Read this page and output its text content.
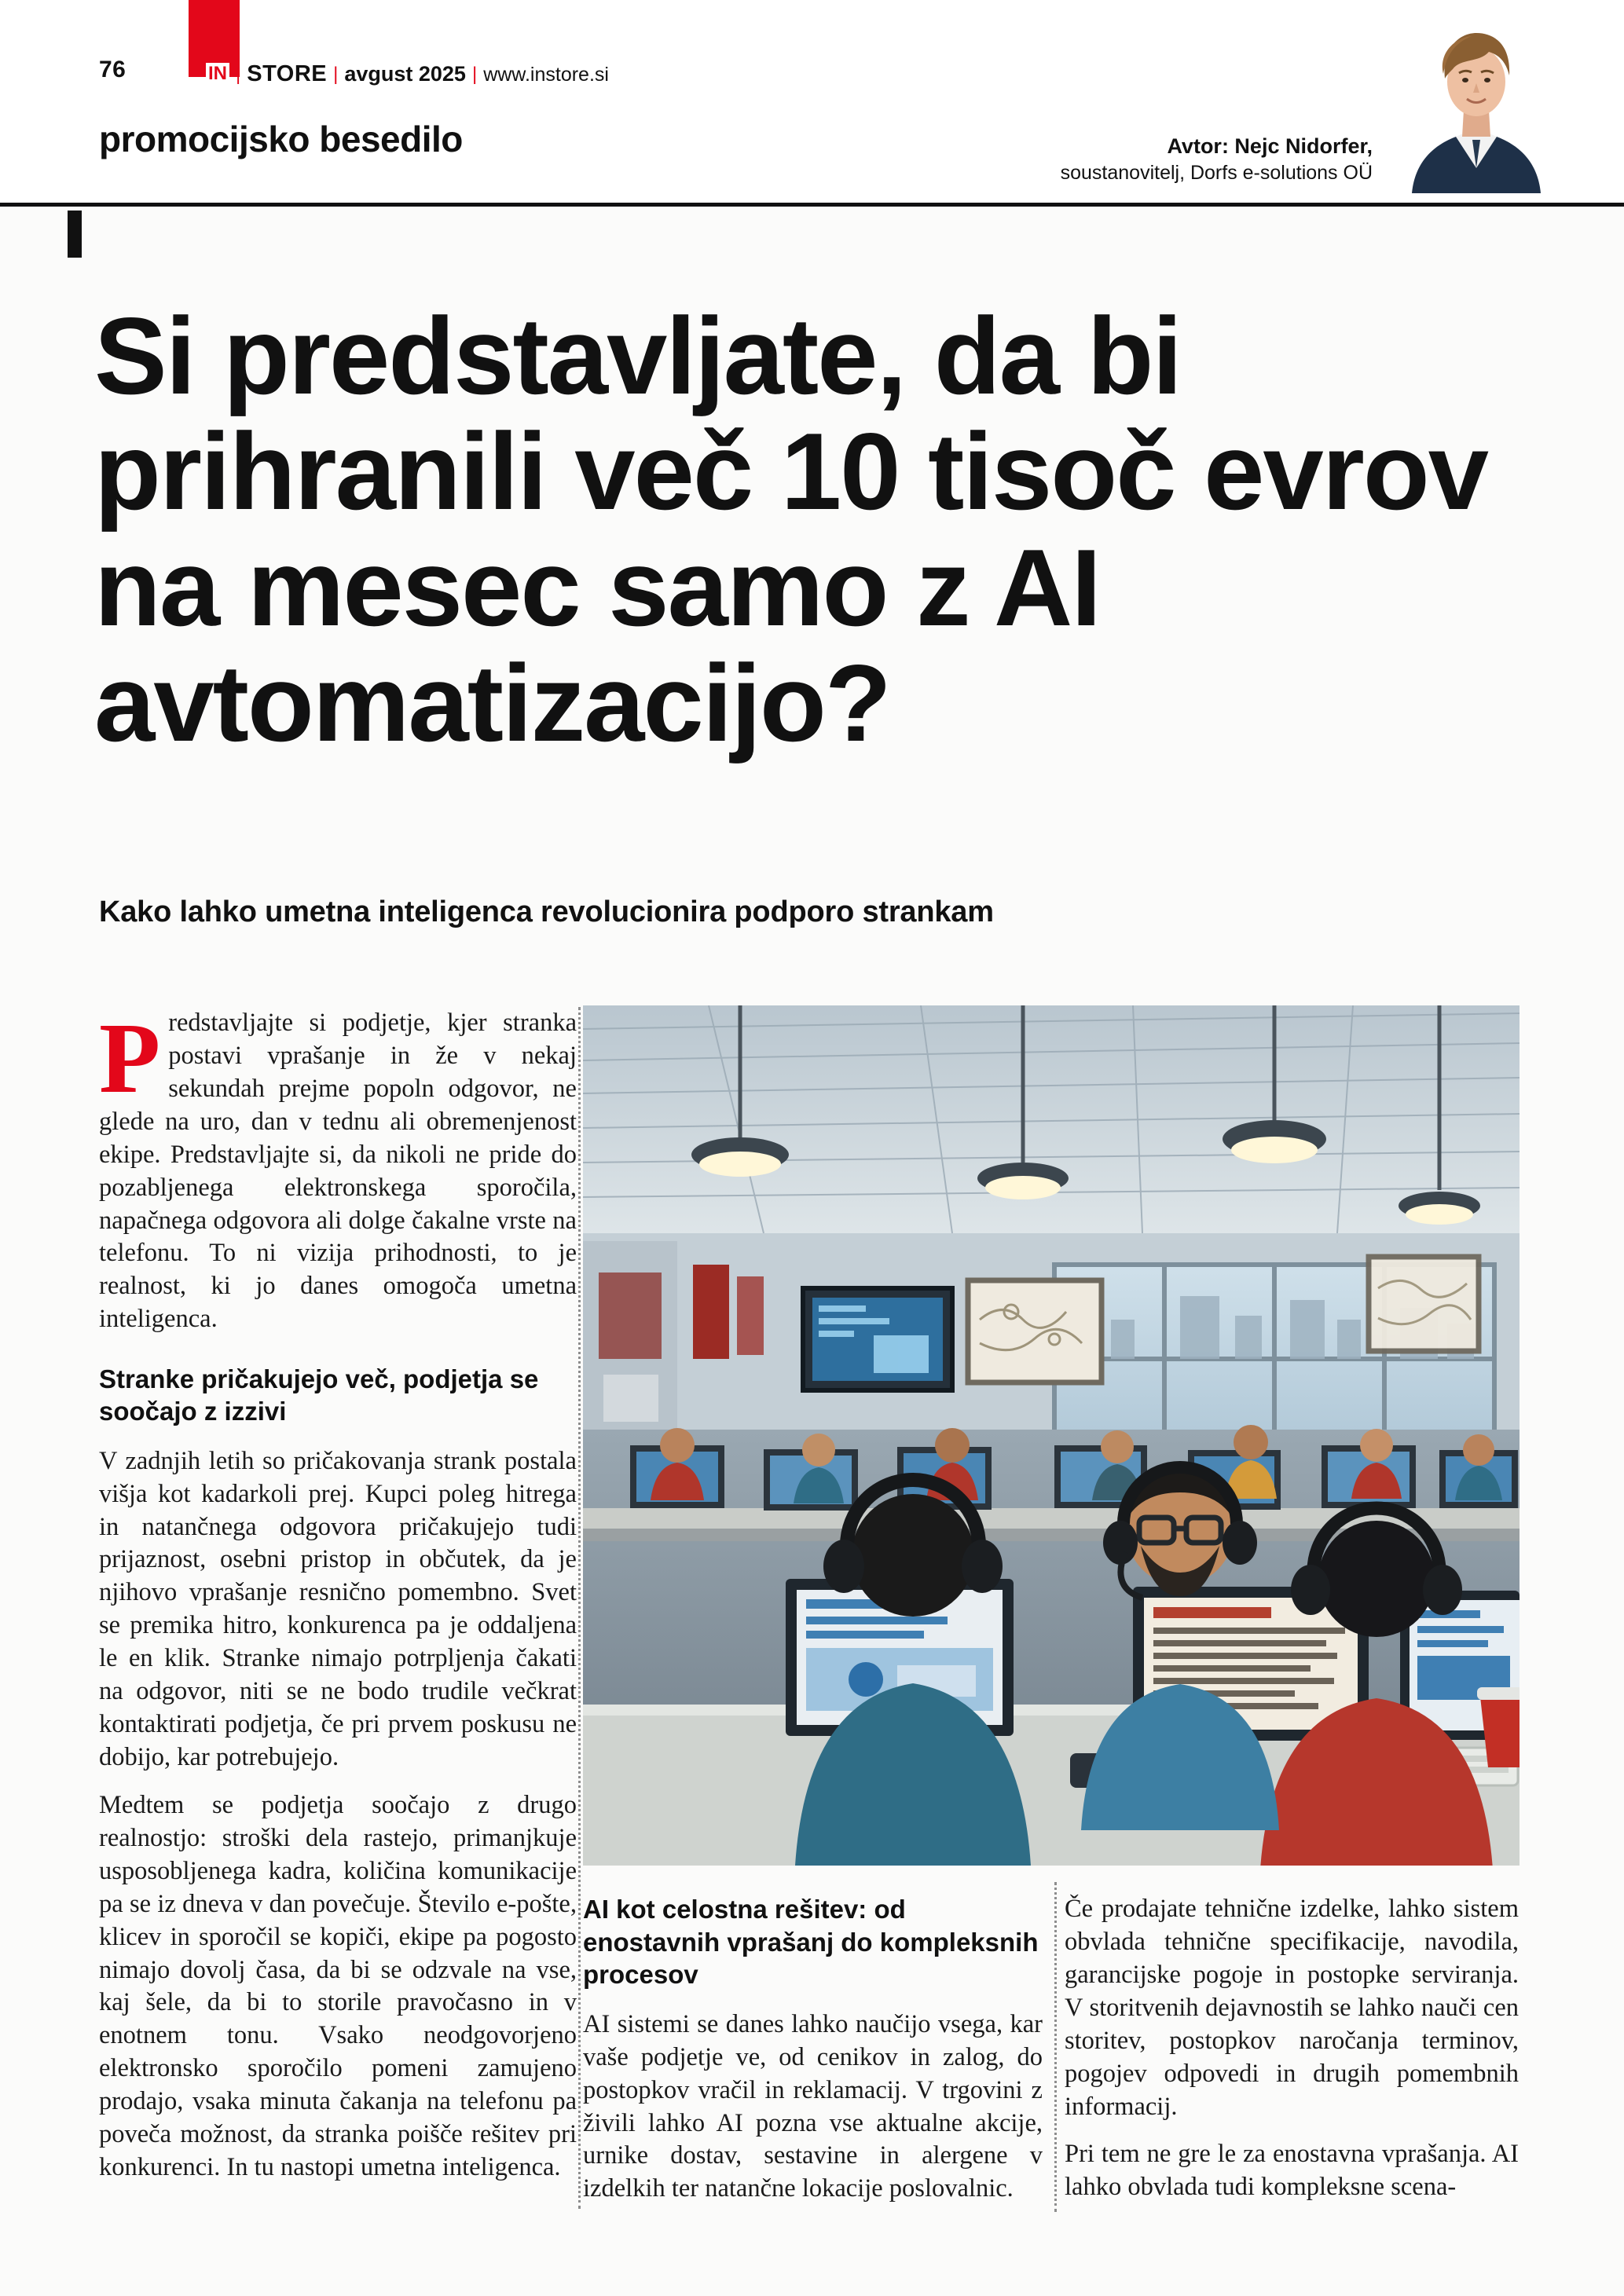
76	IN | STORE | avgust 2025 | www.instore.si
promocijsko besedilo	Avtor: Nejc Nidorfer,
soustanovitelj, Dorfs e-solutions OÜ
Si predstavljate, da bi prihranili več 10 tisoč evrov na mesec samo z AI avtomatizacijo?
Kako lahko umetna inteligenca revolucionira podporo strankam

Predstavljajte si podjetje, kjer stranka postavi vprašanje in že v nekaj sekundah prejme popoln odgovor, ne glede na uro, dan v tednu ali obremenjenost ekipe. Predstavljajte si, da nikoli ne pride do pozabljenega elektronskega sporočila, napačnega odgovora ali dolge čakalne vrste na telefonu. To ni vizija prihodnosti, to je realnost, ki jo danes omogoča umetna inteligenca.

Stranke pričakujejo več, podjetja se soočajo z izzivi

V zadnjih letih so pričakovanja strank postala višja kot kadarkoli prej. Kupci poleg hitrega in natančnega odgovora pričakujejo tudi prijaznost, osebni pristop in občutek, da je njihovo vprašanje resnično pomembno. Svet se premika hitro, konkurenca pa je oddaljena le en klik. Stranke nimajo potrpljenja čakati na odgovor, niti se ne bodo trudile večkrat kontaktirati podjetja, če pri prvem poskusu ne dobijo, kar potrebujejo.

Medtem se podjetja soočajo z drugo realnostjo: stroški dela rastejo, primanjkuje usposobljenega kadra, količina komunikacije pa se iz dneva v dan povečuje. Število e-pošte, klicev in sporočil se kopiči, ekipe pa pogosto nimajo dovolj časa, da bi se odzvale na vse, kaj šele, da bi to storile pravočasno in v enotnem tonu. Vsako neodgovorjeno elektronsko sporočilo pomeni zamujeno prodajo, vsaka minuta čakanja na telefonu pa poveča možnost, da stranka poišče rešitev pri konkurenci. In tu nastopi umetna inteligenca.

AI kot celostna rešitev: od enostavnih vprašanj do kompleksnih procesov

AI sistemi se danes lahko naučijo vsega, kar vaše podjetje ve, od cenikov in zalog, do postopkov vračil in reklamacij. V trgovini z živili lahko AI pozna vse aktualne akcije, urnike dostav, sestavine in alergene v izdelkih ter natančne lokacije poslovalnic.

Če prodajate tehnične izdelke, lahko sistem obvlada tehnične specifikacije, navodila, garancijske pogoje in postopke serviranja. V storitvenih dejavnostih se lahko nauči cen storitev, postopkov naročanja terminov, pogojev odpovedi in drugih pomembnih informacij.

Pri tem ne gre le za enostavna vprašanja. AI lahko obvlada tudi kompleksne scena-
